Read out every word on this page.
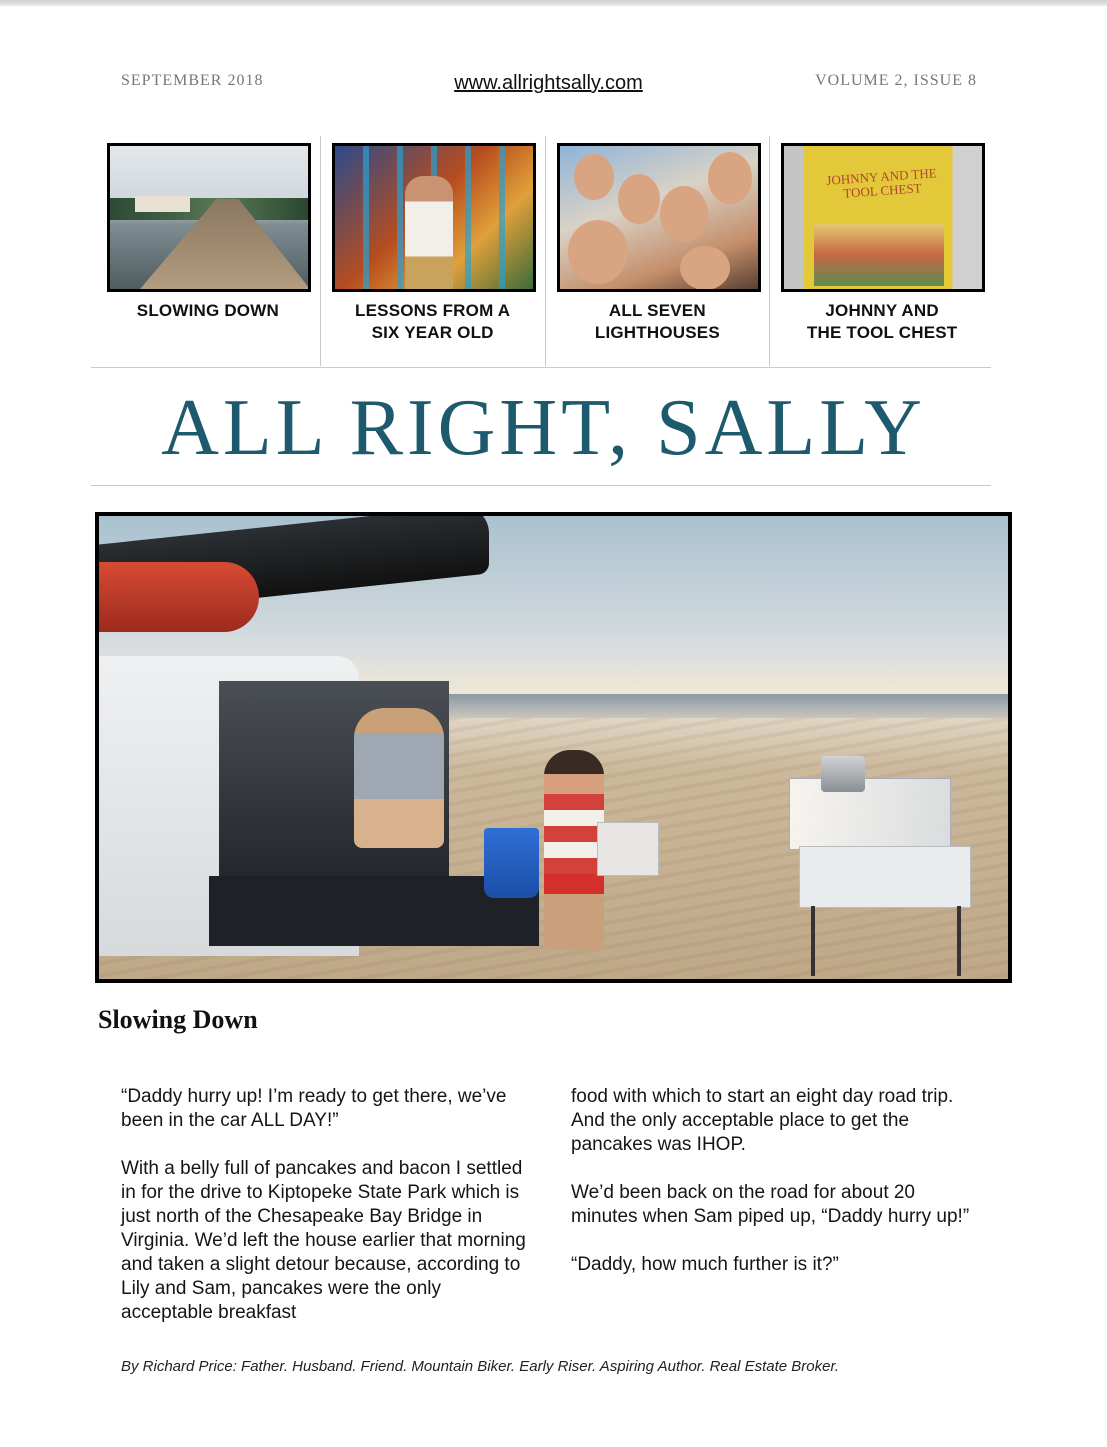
SEPTEMBER 2018	www.allrightsally.com	VOLUME 2, ISSUE 8
SLOWING DOWN	LESSONS FROM A
SIX YEAR OLD
ALL SEVEN
LIGHTHOUSES
JOHNNY AND THE TOOL CHEST
JOHNNY AND
THE TOOL CHEST
ALL RIGHT, SALLY
Slowing Down

“Daddy hurry up! I’m ready to get there, we’ve been in the car ALL DAY!”

With a belly full of pancakes and bacon I settled in for the drive to Kiptopeke State Park which is just north of the Chesapeake Bay Bridge in Virginia. We’d left the house earlier that morning and taken a slight detour because, according to Lily and Sam, pancakes were the only acceptable breakfast

food with which to start an eight day road trip. And the only acceptable place to get the pancakes was IHOP.

We’d been back on the road for about 20 minutes when Sam piped up, “Daddy hurry up!”

“Daddy, how much further is it?”

By Richard Price: Father. Husband. Friend. Mountain Biker. Early Riser. Aspiring Author. Real Estate Broker.
